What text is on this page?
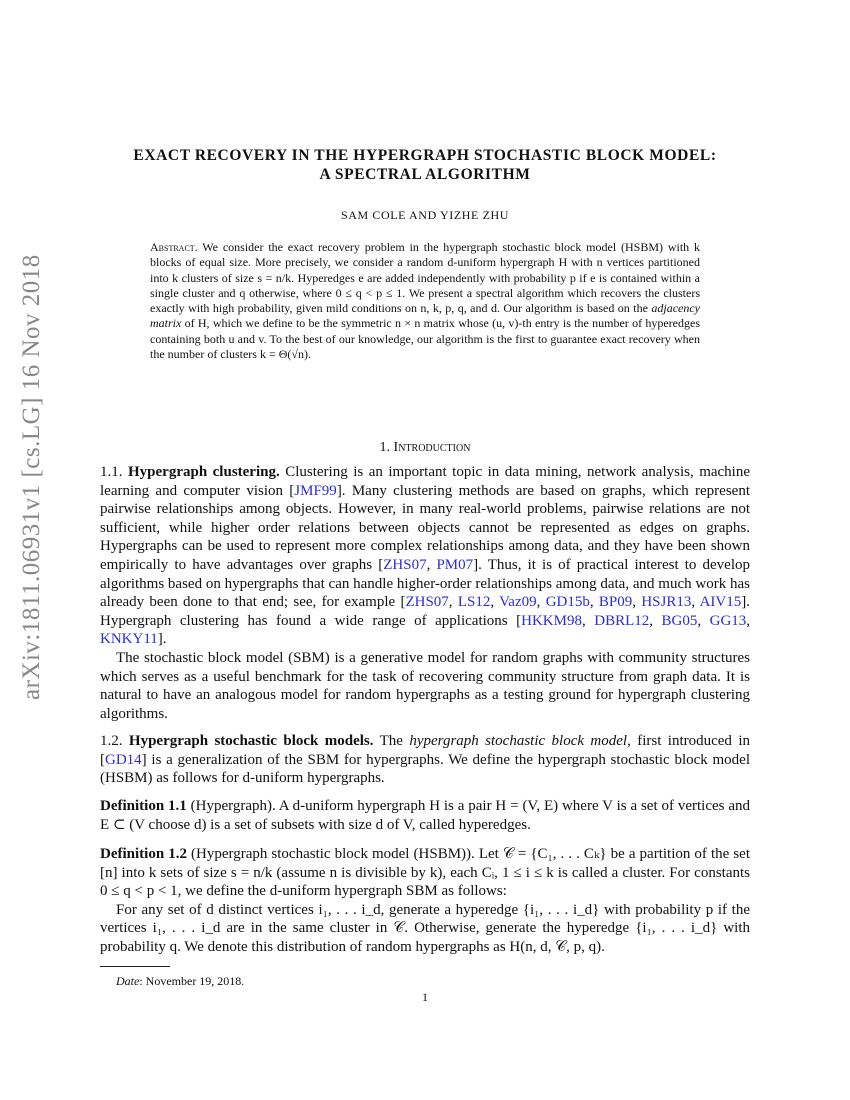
arXiv:1811.06931v1 [cs.LG] 16 Nov 2018
EXACT RECOVERY IN THE HYPERGRAPH STOCHASTIC BLOCK MODEL:
A SPECTRAL ALGORITHM
SAM COLE AND YIZHE ZHU
Abstract. We consider the exact recovery problem in the hypergraph stochastic block model (HSBM) with k blocks of equal size. More precisely, we consider a random d-uniform hypergraph H with n vertices partitioned into k clusters of size s = n/k. Hyperedges e are added independently with probability p if e is contained within a single cluster and q otherwise, where 0 ≤ q < p ≤ 1. We present a spectral algorithm which recovers the clusters exactly with high probability, given mild conditions on n, k, p, q, and d. Our algorithm is based on the adjacency matrix of H, which we define to be the symmetric n × n matrix whose (u, v)-th entry is the number of hyperedges containing both u and v. To the best of our knowledge, our algorithm is the first to guarantee exact recovery when the number of clusters k = Θ(√n).
1. Introduction

1.1. Hypergraph clustering. Clustering is an important topic in data mining, network analysis, machine learning and computer vision [JMF99]. Many clustering methods are based on graphs, which represent pairwise relationships among objects. However, in many real-world problems, pairwise relations are not sufficient, while higher order relations between objects cannot be represented as edges on graphs. Hypergraphs can be used to represent more complex relationships among data, and they have been shown empirically to have advantages over graphs [ZHS07, PM07]. Thus, it is of practical interest to develop algorithms based on hypergraphs that can handle higher-order relationships among data, and much work has already been done to that end; see, for example [ZHS07, LS12, Vaz09, GD15b, BP09, HSJR13, AIV15]. Hypergraph clustering has found a wide range of applications [HKKM98, DBRL12, BG05, GG13, KNKY11].

The stochastic block model (SBM) is a generative model for random graphs with community structures which serves as a useful benchmark for the task of recovering community structure from graph data. It is natural to have an analogous model for random hypergraphs as a testing ground for hypergraph clustering algorithms.

1.2. Hypergraph stochastic block models. The hypergraph stochastic block model, first introduced in [GD14] is a generalization of the SBM for hypergraphs. We define the hypergraph stochastic block model (HSBM) as follows for d-uniform hypergraphs.

Definition 1.1 (Hypergraph). A d-uniform hypergraph H is a pair H = (V, E) where V is a set of vertices and E ⊂ (V choose d) is a set of subsets with size d of V, called hyperedges.

Definition 1.2 (Hypergraph stochastic block model (HSBM)). Let 𝒞 = {C₁, . . . Cₖ} be a partition of the set [n] into k sets of size s = n/k (assume n is divisible by k), each Cᵢ, 1 ≤ i ≤ k is called a cluster. For constants 0 ≤ q < p < 1, we define the d-uniform hypergraph SBM as follows:

For any set of d distinct vertices i₁, . . . i_d, generate a hyperedge {i₁, . . . i_d} with probability p if the vertices i₁, . . . i_d are in the same cluster in 𝒞. Otherwise, generate the hyperedge {i₁, . . . i_d} with probability q. We denote this distribution of random hypergraphs as H(n, d, 𝒞, p, q).

Date: November 19, 2018.
1
